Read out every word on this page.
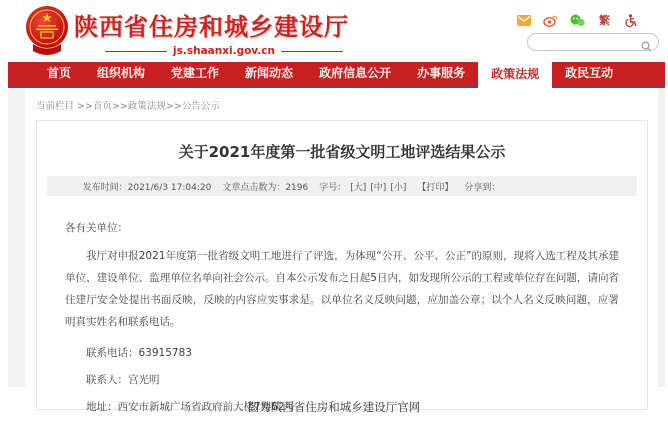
陕西省住房和城乡建设厅
js.shaanxi.gov.cn
繁
首页	组织机构	党建工作	新闻动态	政府信息公开	办事服务	政策法规	政民互动
当前栏目 >>首页>>政策法规>>公告公示
关于2021年度第一批省级文明工地评选结果公示
发布时间：2021/6/3 17:04:20 文章点击数为：2196 字号： [大] [中] [小] 【打印】 分享到：
各有关单位：

我厅对申报2021年度第一批省级文明工地进行了评选，为体现“公开、公平、公正”的原则，现将入选工程及其承建单位、建设单位、监理单位名单向社会公示。自本公示发布之日起5日内，如发现所公示的工程或单位存在问题，请向省住建厅安全处提出书面反映，反映的内容应实事求是。以单位名义反映问题，应加盖公章；以个人名义反映问题，应署明真实姓名和联系电话。

联系电话：63915783

联系人：宫光明

地址：西安市新城广场省政府前大楼7楼62号

图为陕西省住房和城乡建设厅官网
